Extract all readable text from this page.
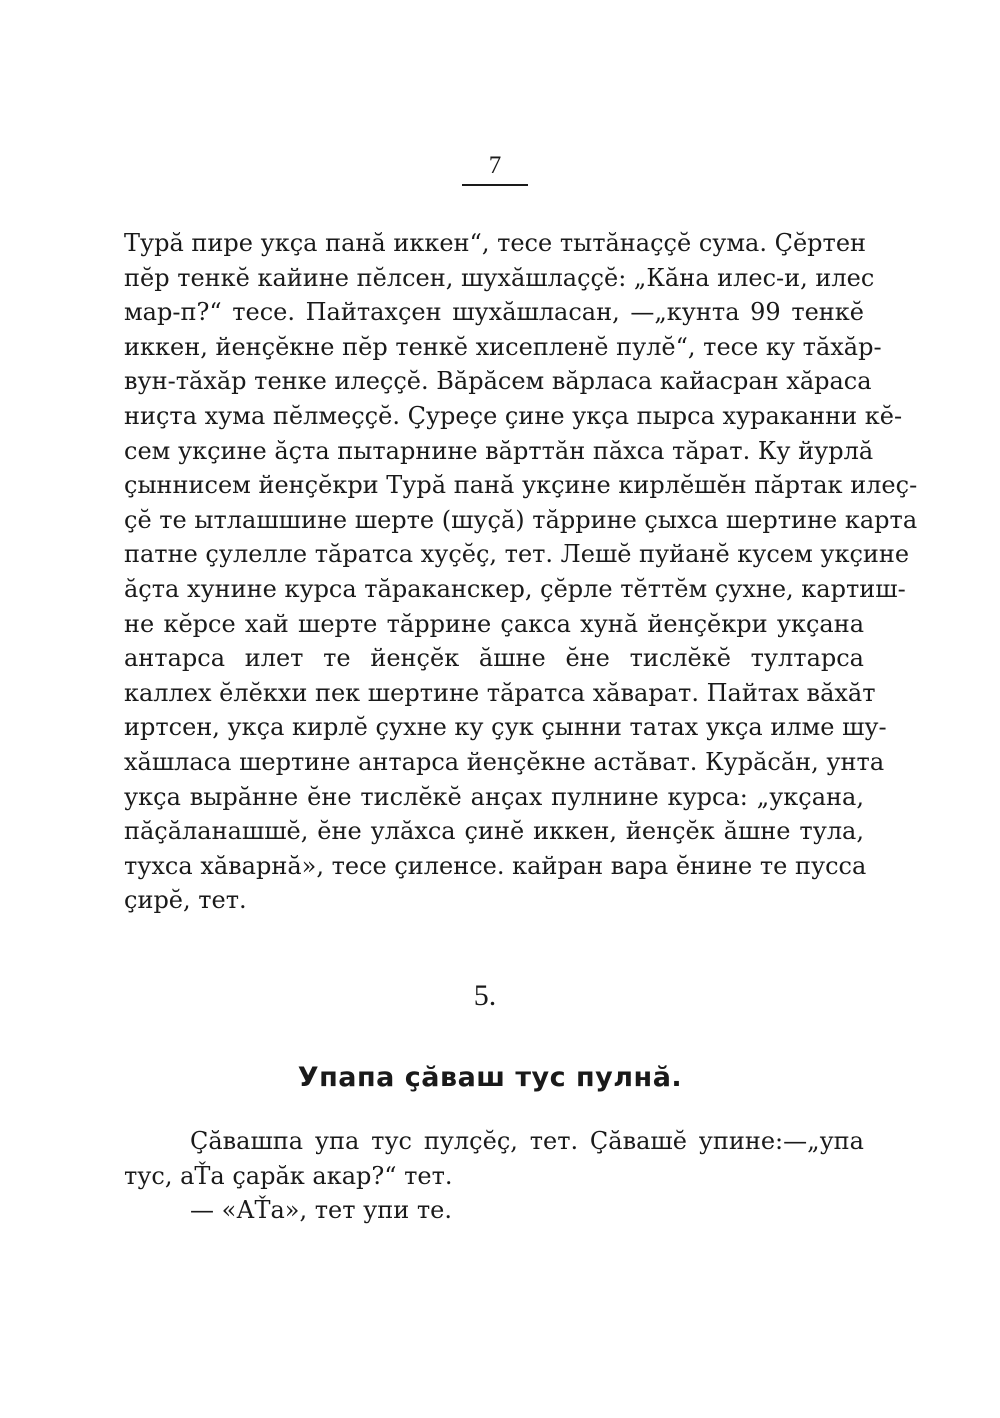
7
Турă пире укçа панă иккен“, тесе тытăнаççĕ сума. Çĕртен
пĕр тенкĕ кайине пĕлсен, шухăшлаççĕ: „Кăна илес-и, илес
мар-п?“ тесе. Пайтахçен шухăшласан, —„кунта 99 тенкĕ
иккен, йенçĕкне пĕр тенкĕ хисепленĕ пулĕ“, тесе ку тăхăр-
вун-тăхăр тенке илеççĕ. Вăрăсем вăрласа кайасран хăраса
ниçта хума пĕлмеççĕ. Çуреçе çине укçа пырса хураканни кĕ-
сем укçине ăçта пытарнине вăрттăн пăхса тăрат. Ку йурлă
çыннисем йенçĕкри Турă панă укçине кирлĕшĕн пăртак илеç-
çĕ те ытлашшине шерте (шуçă) тăррине çыхса шертине карта
патне çулелле тăратса хуçĕç, тет. Лешĕ пуйанĕ кусем укçине
ăçта хунине курса тăраканскер, çĕрле тĕттĕм çухне, картиш-
не кĕрсе хай шерте тăррине çакса хунă йенçĕкри укçана
антарса илет те йенçĕк ăшне ĕне тислĕкĕ тултарса
каллех ĕлĕкхи пек шертине тăратса хăварат. Пайтах вăхăт
иртсен, укçа кирлĕ çухне ку çук çынни татах укça илме шу-
хăшласа шертине антарса йенçĕкне астăват. Курăсăн, унта
укçа вырăнне ĕне тислĕкĕ анçах пулнине курса: „укçана,
пăçăланашшĕ, ĕне улăхса çинĕ иккен, йенçĕк ăшне тула,
тухса хăварнă», тесе çиленсе. кайран вара ĕнине те пусса
çирĕ, тет.
5.
Упапа çăваш тус пулнă.
Çăвашпа упа тус пулçĕç, тет. Çăвашĕ упине:—„упа
тус, аŤа çарăк акар?“ тет.
— «АŤа», тет упи те.
